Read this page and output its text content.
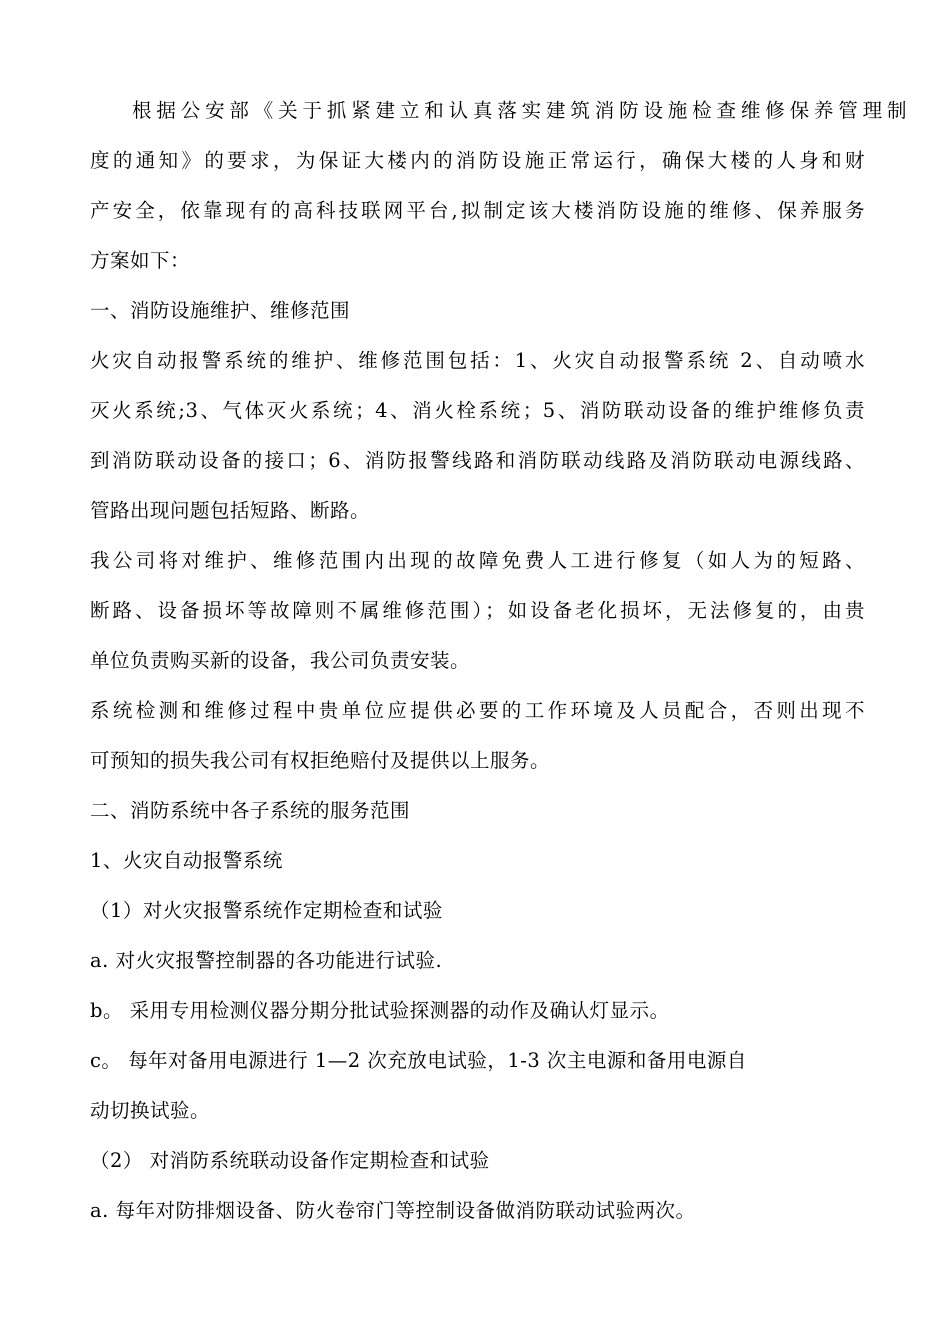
根据公安部《关于抓紧建立和认真落实建筑消防设施检查维修保养管理制
度的通知》的要求，为保证大楼内的消防设施正常运行，确保大楼的人身和财
产安全，依靠现有的高科技联网平台,拟制定该大楼消防设施的维修、保养服务
方案如下：
一、消防设施维护、维修范围
火灾自动报警系统的维护、维修范围包括：1、火灾自动报警系统 2、自动喷水
灭火系统;3、气体灭火系统；4、消火栓系统；5、消防联动设备的维护维修负责
到消防联动设备的接口；6、消防报警线路和消防联动线路及消防联动电源线路、
管路出现问题包括短路、断路。
我公司将对维护、维修范围内出现的故障免费人工进行修复（如人为的短路、
断路、设备损坏等故障则不属维修范围）；如设备老化损坏，无法修复的，由贵
单位负责购买新的设备，我公司负责安装。
系统检测和维修过程中贵单位应提供必要的工作环境及人员配合，否则出现不
可预知的损失我公司有权拒绝赔付及提供以上服务。
二、消防系统中各子系统的服务范围
1、火灾自动报警系统
（1）对火灾报警系统作定期检查和试验
a. 对火灾报警控制器的各功能进行试验.
b。 采用专用检测仪器分期分批试验探测器的动作及确认灯显示。
c。 每年对备用电源进行 1—2 次充放电试验，1-3 次主电源和备用电源自
动切换试验。
（2） 对消防系统联动设备作定期检查和试验
a. 每年对防排烟设备、防火卷帘门等控制设备做消防联动试验两次。
